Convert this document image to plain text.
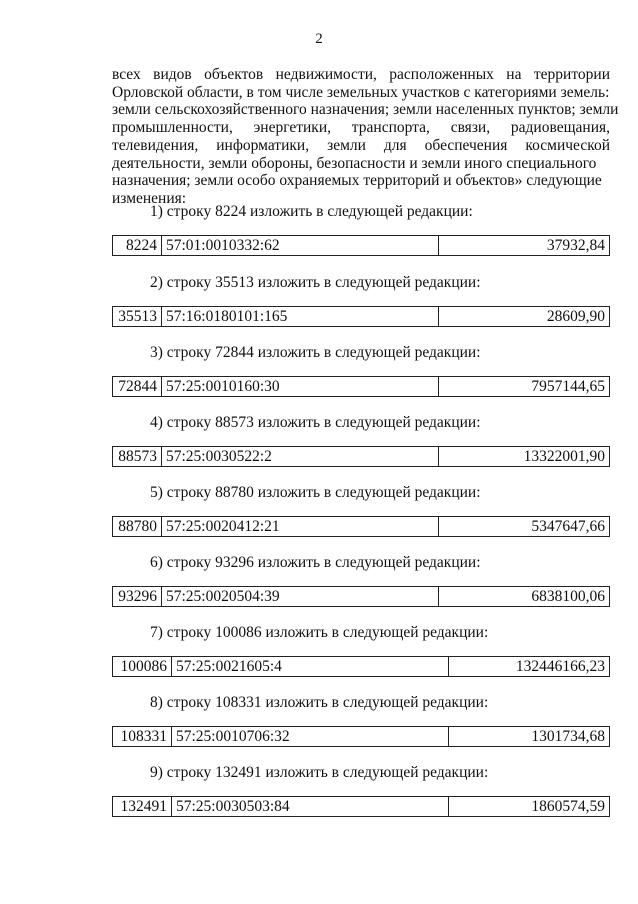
2
всех видов объектов недвижимости, расположенных на территории
Орловской области, в том числе земельных участков с категориями земель:
земли сельскохозяйственного назначения; земли населенных пунктов; земли
промышленности, энергетики, транспорта, связи, радиовещания,
телевидения, информатики, земли для обеспечения космической
деятельности, земли обороны, безопасности и земли иного специального
назначения; земли особо охраняемых территорий и объектов» следующие
изменения:
1) строку 8224 изложить в следующей редакции:
8224	57:01:0010332:62	37932,84
2) строку 35513 изложить в следующей редакции:
35513	57:16:0180101:165	28609,90
3) строку 72844 изложить в следующей редакции:
72844	57:25:0010160:30	7957144,65
4) строку 88573 изложить в следующей редакции:
88573	57:25:0030522:2	13322001,90
5) строку 88780 изложить в следующей редакции:
88780	57:25:0020412:21	5347647,66
6) строку 93296 изложить в следующей редакции:
93296	57:25:0020504:39	6838100,06
7) строку 100086 изложить в следующей редакции:
100086	57:25:0021605:4	132446166,23
8) строку 108331 изложить в следующей редакции:
108331	57:25:0010706:32	1301734,68
9) строку 132491 изложить в следующей редакции:
132491	57:25:0030503:84	1860574,59
